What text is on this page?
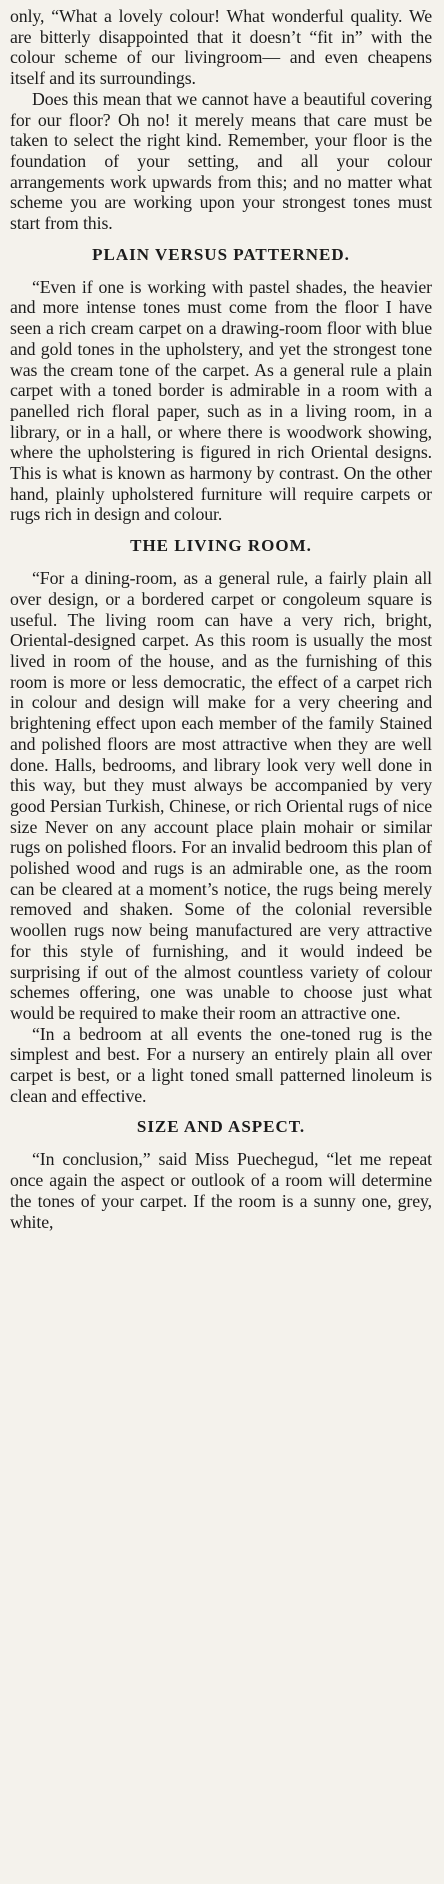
only, “What a lovely colour! What wonderful quality. We are bitterly disappointed that it doesn’t “fit in” with the colour scheme of our livingroom— and even cheapens itself and its surroundings.

Does this mean that we cannot have a beautiful covering for our floor? Oh no! it merely means that care must be taken to select the right kind. Remember, your floor is the foundation of your setting, and all your colour arrangements work upwards from this; and no matter what scheme you are working upon your strongest tones must start from this.

PLAIN VERSUS PATTERNED.

“Even if one is working with pastel shades, the heavier and more intense tones must come from the floor I have seen a rich cream carpet on a drawing-room floor with blue and gold tones in the upholstery, and yet the strongest tone was the cream tone of the carpet. As a general rule a plain carpet with a toned border is admirable in a room with a panelled rich floral paper, such as in a living room, in a library, or in a hall, or where there is woodwork showing, where the upholstering is figured in rich Oriental designs. This is what is known as harmony by contrast. On the other hand, plainly upholstered furniture will require carpets or rugs rich in design and colour.

THE LIVING ROOM.

“For a dining-room, as a general rule, a fairly plain all over design, or a bordered carpet or congoleum square is useful. The living room can have a very rich, bright, Oriental-designed carpet. As this room is usually the most lived in room of the house, and as the furnishing of this room is more or less democratic, the effect of a carpet rich in colour and design will make for a very cheering and brightening effect upon each member of the family Stained and polished floors are most attractive when they are well done. Halls, bedrooms, and library look very well done in this way, but they must always be accompanied by very good Persian Turkish, Chinese, or rich Oriental rugs of nice size Never on any account place plain mohair or similar rugs on polished floors. For an invalid bedroom this plan of polished wood and rugs is an admirable one, as the room can be cleared at a moment’s notice, the rugs being merely removed and shaken. Some of the colonial reversible woollen rugs now being manufactured are very attractive for this style of furnishing, and it would indeed be surprising if out of the almost countless variety of colour schemes offering, one was unable to choose just what would be required to make their room an attractive one.

“In a bedroom at all events the one-toned rug is the simplest and best. For a nursery an entirely plain all over carpet is best, or a light toned small patterned linoleum is clean and effective.

SIZE AND ASPECT.

“In conclusion,” said Miss Puechegud, “let me repeat once again the aspect or outlook of a room will determine the tones of your carpet. If the room is a sunny one, grey, white,
